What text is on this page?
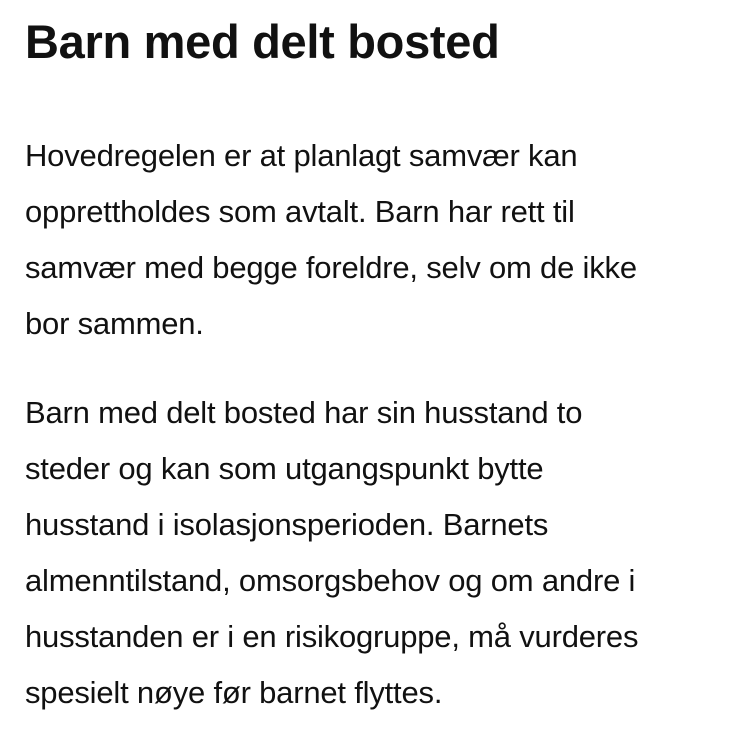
Barn med delt bosted

Hovedregelen er at planlagt samvær kan
opprettholdes som avtalt. Barn har rett til
samvær med begge foreldre, selv om de ikke
bor sammen.

Barn med delt bosted har sin husstand to
steder og kan som utgangspunkt bytte
husstand i isolasjonsperioden. Barnets
almenntilstand, omsorgsbehov og om andre i
husstanden er i en risikogruppe, må vurderes
spesielt nøye før barnet flyttes.
